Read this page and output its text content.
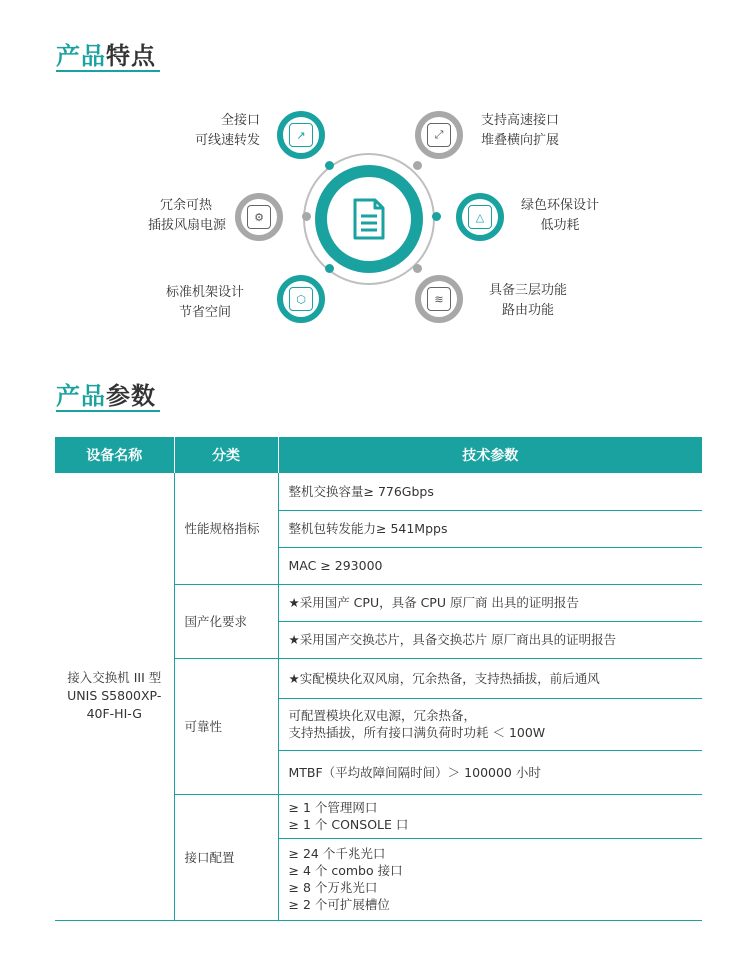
产品特点
↗	⤢
⚙	△
⬡	≋
全接口
可线速转发
支持高速接口
堆叠横向扩展
冗余可热
插拔风扇电源
绿色环保设计
低功耗
标准机架设计
节省空间
具备三层功能
路由功能
产品参数
设备名称	分类	技术参数

接入交换机 III 型
UNIS S5800XP-
40F-HI-G	性能规格指标	整机交换容量≥ 776Gbps

		整机包转发能力≥ 541Mpps

		MAC ≥ 293000

	国产化要求	★采用国产 CPU，具备 CPU 原厂商 出具的证明报告

		★采用国产交换芯片，具备交换芯片 原厂商出具的证明报告

	可靠性	★实配模块化双风扇，冗余热备，支持热插拔，前后通风

		可配置模块化双电源，冗余热备，
支持热插拔，所有接口满负荷时功耗 ＜ 100W

		MTBF（平均故障间隔时间）＞ 100000 小时

	接口配置	≥ 1 个管理网口
≥ 1 个 CONSOLE 口

		≥ 24 个千兆光口
≥ 4 个 combo 接口
≥ 8 个万兆光口
≥ 2 个可扩展槽位
